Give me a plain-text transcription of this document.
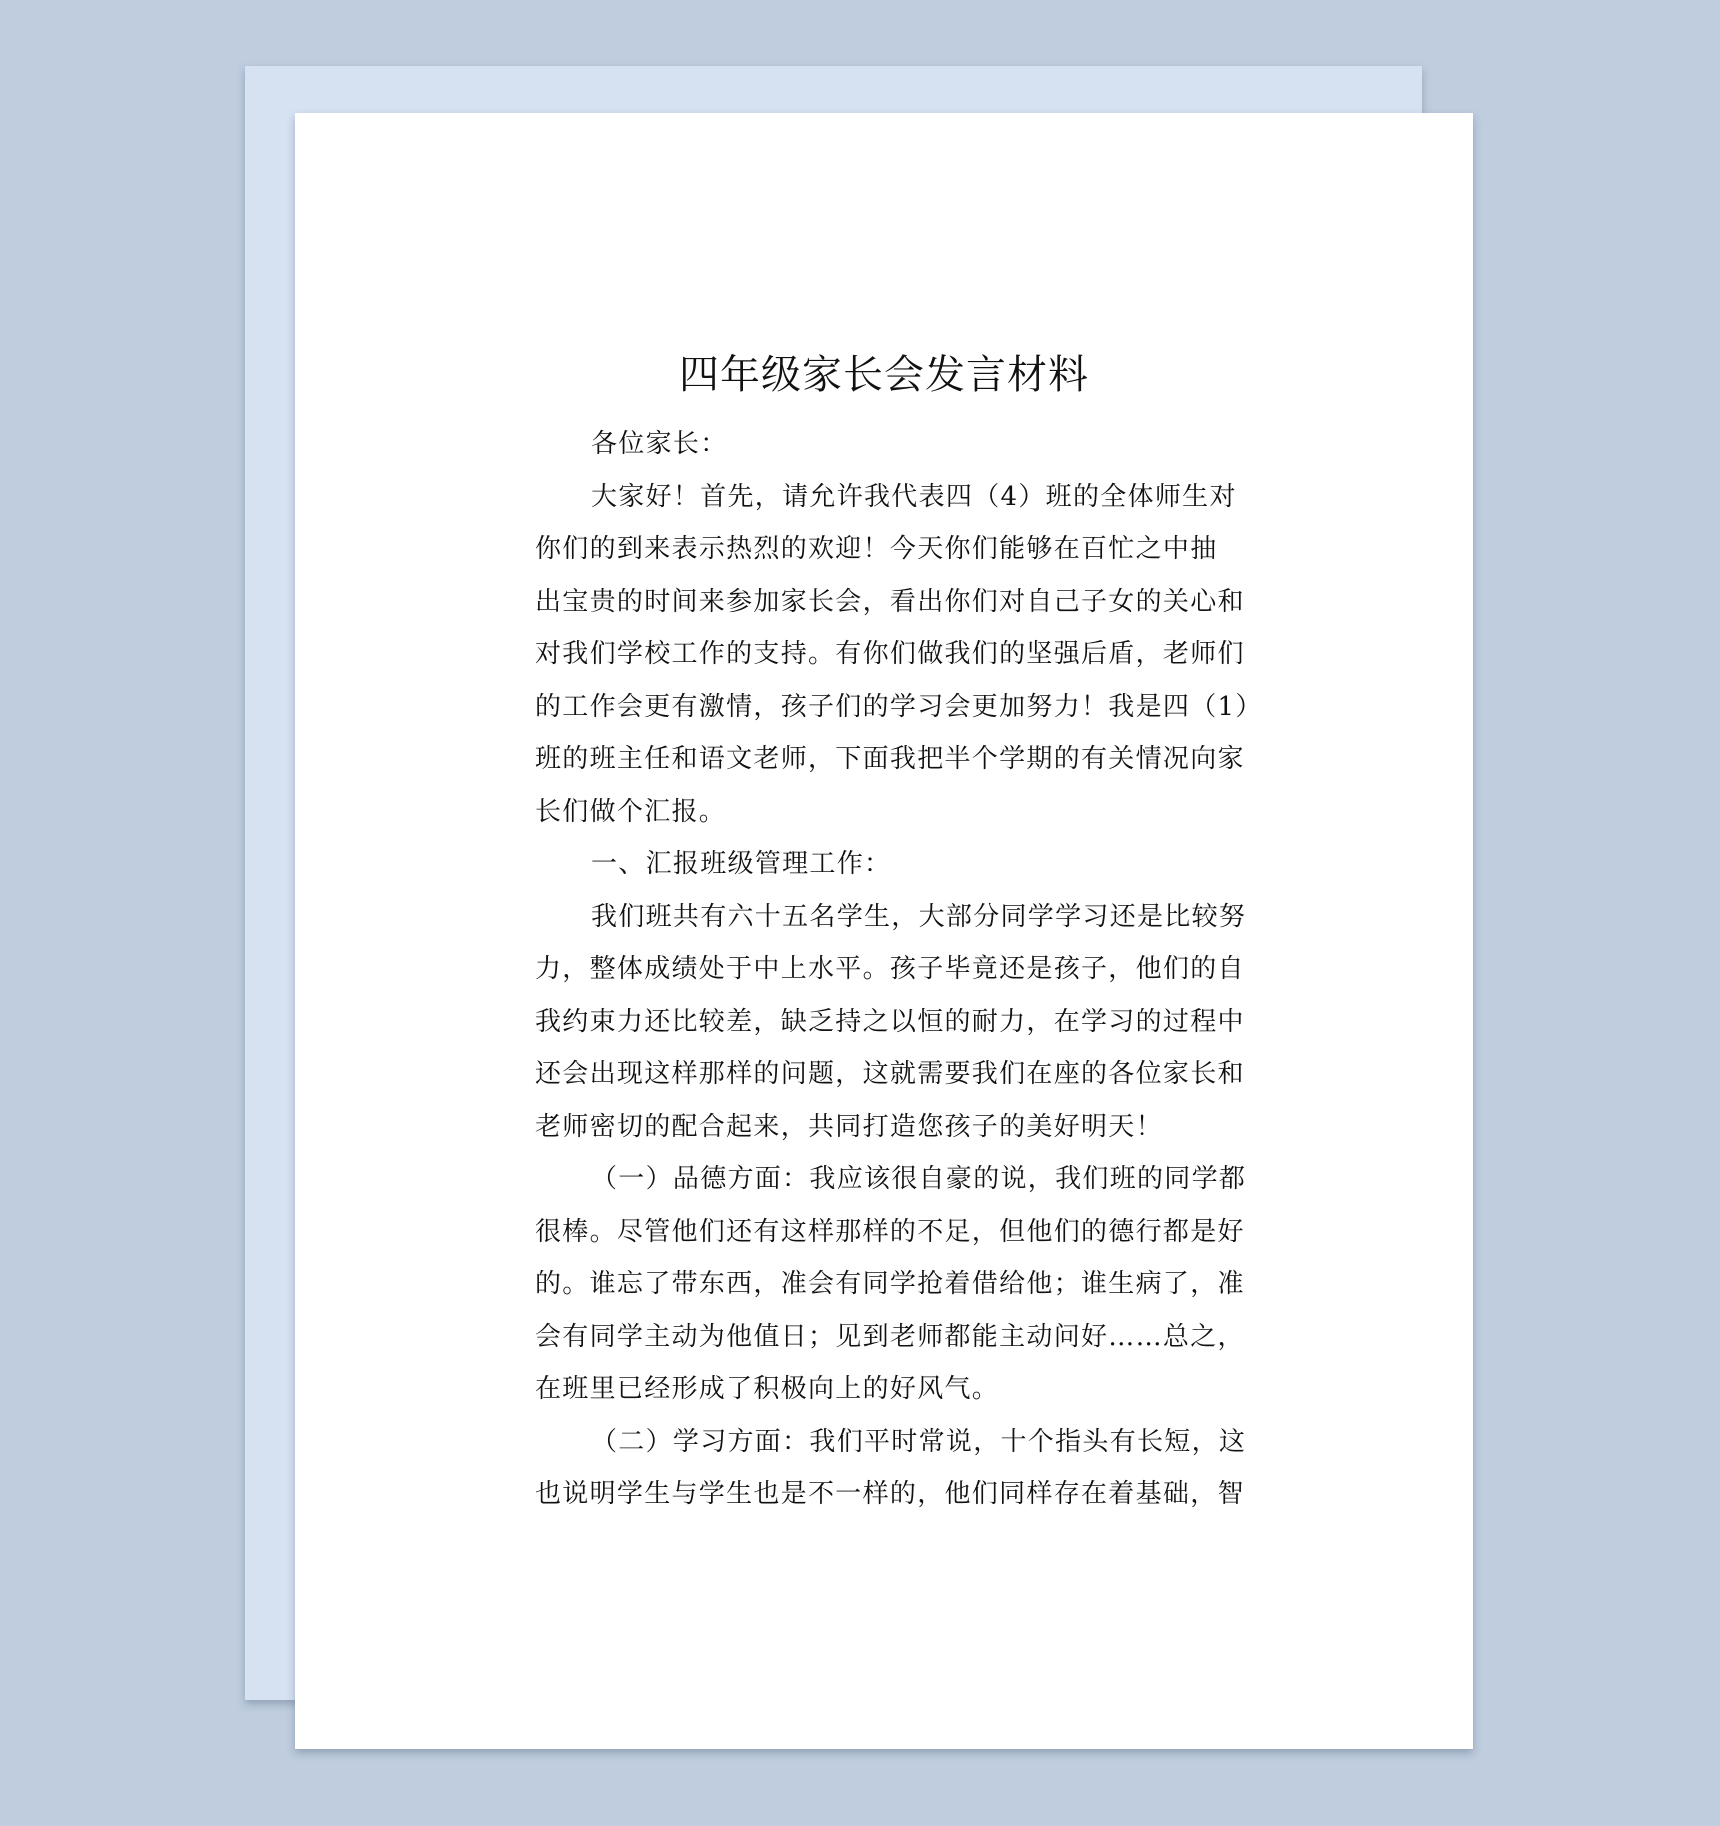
四年级家长会发言材料
各位家长：
大家好！首先，请允许我代表四（4）班的全体师生对
你们的到来表示热烈的欢迎！今天你们能够在百忙之中抽
出宝贵的时间来参加家长会，看出你们对自己子女的关心和
对我们学校工作的支持。有你们做我们的坚强后盾，老师们
的工作会更有激情，孩子们的学习会更加努力！我是四（1）
班的班主任和语文老师，下面我把半个学期的有关情况向家
长们做个汇报。
一、汇报班级管理工作：
我们班共有六十五名学生，大部分同学学习还是比较努
力，整体成绩处于中上水平。孩子毕竟还是孩子，他们的自
我约束力还比较差，缺乏持之以恒的耐力，在学习的过程中
还会出现这样那样的问题，这就需要我们在座的各位家长和
老师密切的配合起来，共同打造您孩子的美好明天！
（一）品德方面：我应该很自豪的说，我们班的同学都
很棒。尽管他们还有这样那样的不足，但他们的德行都是好
的。谁忘了带东西，准会有同学抢着借给他；谁生病了，准
会有同学主动为他值日；见到老师都能主动问好……总之，
在班里已经形成了积极向上的好风气。
（二）学习方面：我们平时常说，十个指头有长短，这
也说明学生与学生也是不一样的，他们同样存在着基础，智
